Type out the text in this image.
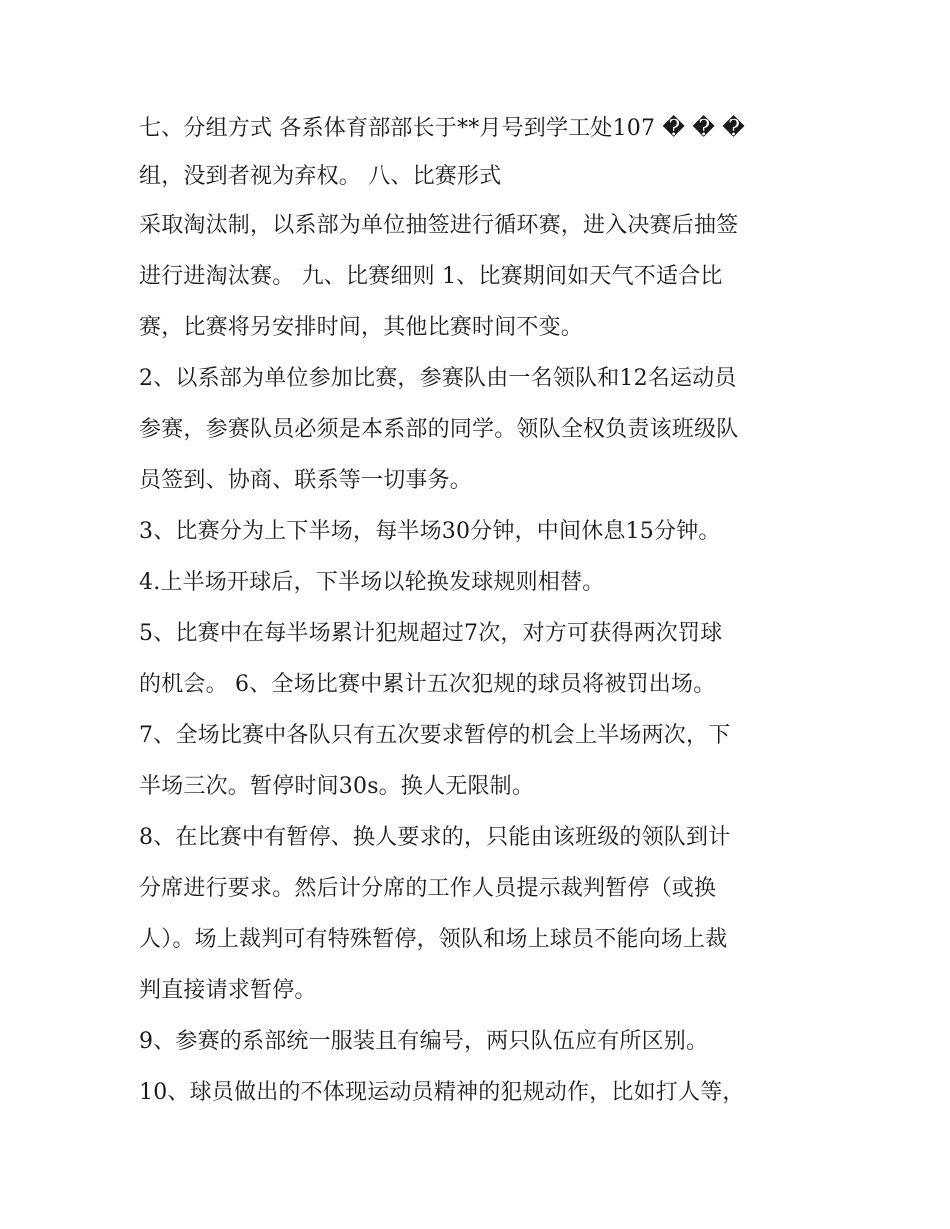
七、分组方式 各系体育部部长于**月号到学工处107 � � �
组，没到者视为弃权。 八、比赛形式
采取淘汰制，以系部为单位抽签进行循环赛，进入决赛后抽签
进行进淘汰赛。 九、比赛细则 1、比赛期间如天气不适合比
赛，比赛将另安排时间，其他比赛时间不变。
2、以系部为单位参加比赛，参赛队由一名领队和12名运动员
参赛，参赛队员必须是本系部的同学。领队全权负责该班级队
员签到、协商、联系等一切事务。
3、比赛分为上下半场，每半场30分钟，中间休息15分钟。
4.上半场开球后，下半场以轮换发球规则相替。
5、比赛中在每半场累计犯规超过7次，对方可获得两次罚球
的机会。 6、全场比赛中累计五次犯规的球员将被罚出场。
7、全场比赛中各队只有五次要求暂停的机会上半场两次，下
半场三次。暂停时间30s。换人无限制。
8、在比赛中有暂停、换人要求的，只能由该班级的领队到计
分席进行要求。然后计分席的工作人员提示裁判暂停（或换
人）。场上裁判可有特殊暂停，领队和场上球员不能向场上裁
判直接请求暂停。
9、参赛的系部统一服装且有编号，两只队伍应有所区别。
10、球员做出的不体现运动员精神的犯规动作，比如打人等，
